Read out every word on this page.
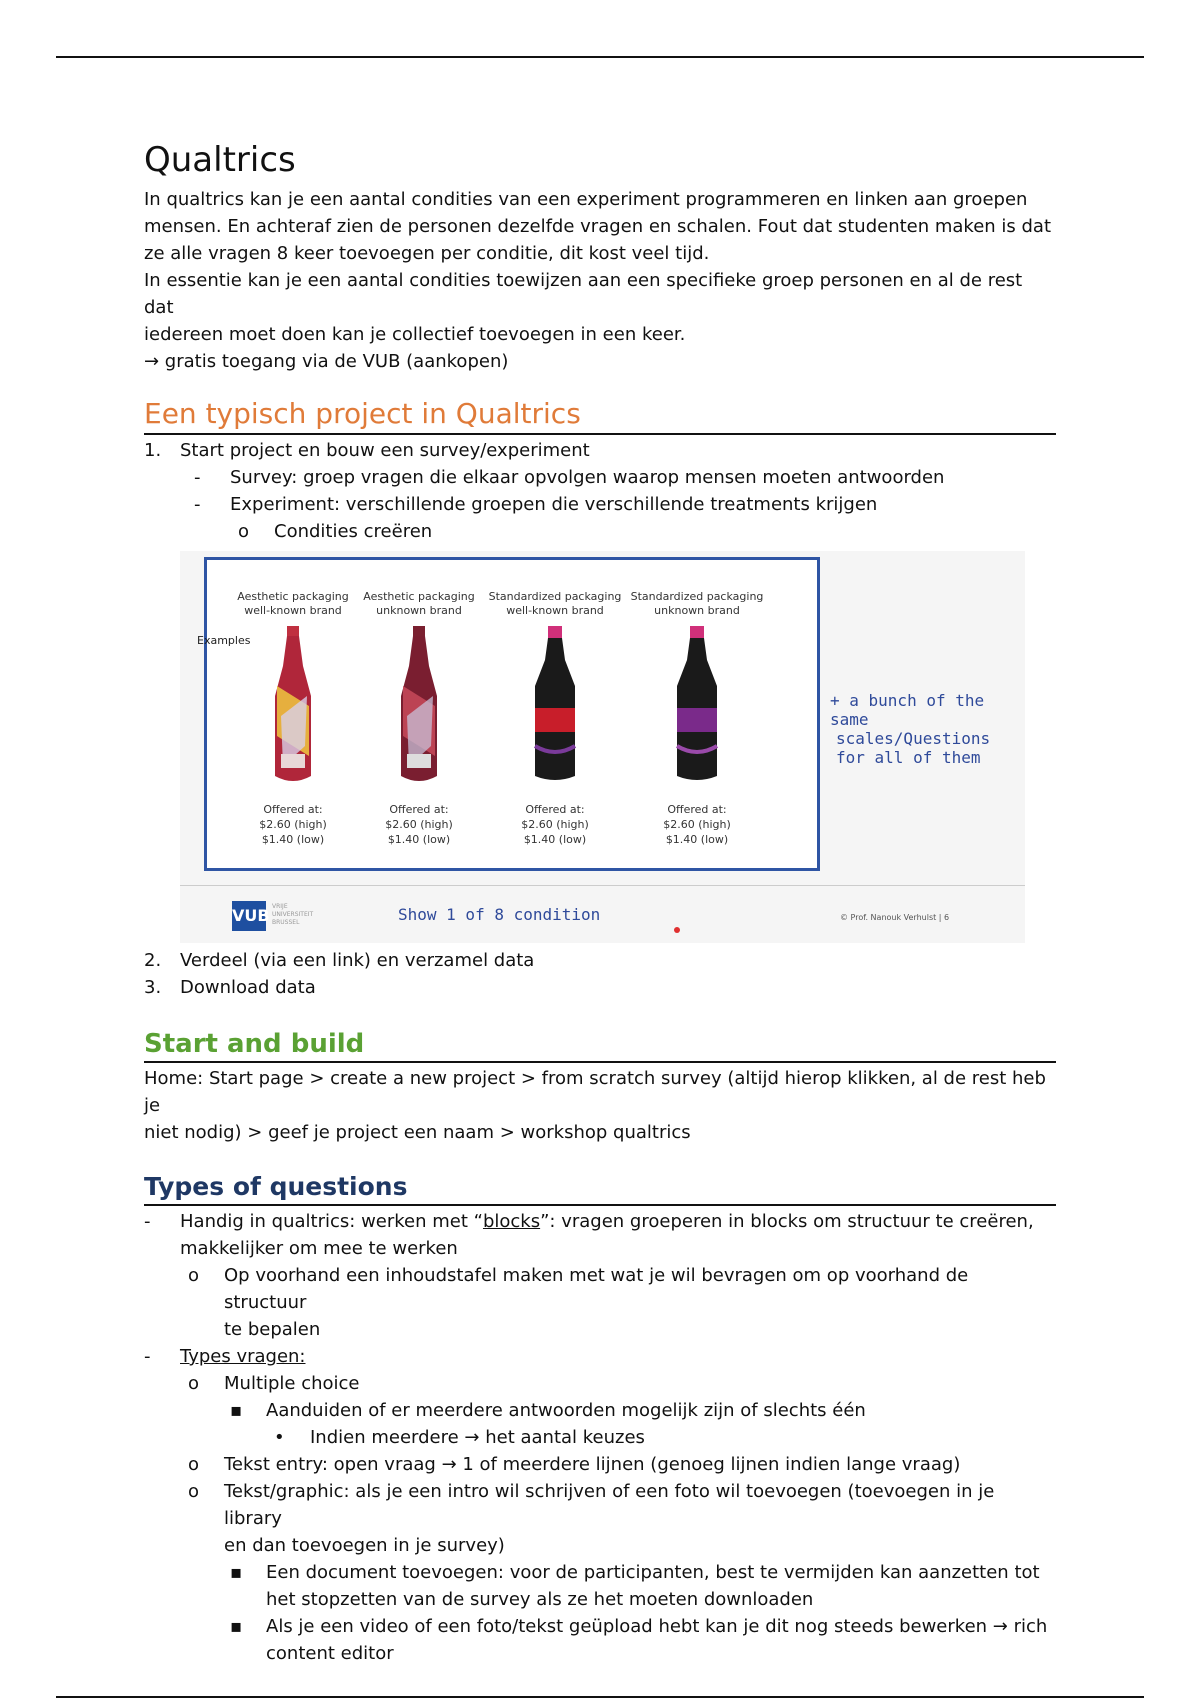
Qualtrics

In qualtrics kan je een aantal condities van een experiment programmeren en linken aan groepen

mensen. En achteraf zien de personen dezelfde vragen en schalen. Fout dat studenten maken is dat

ze alle vragen 8 keer toevoegen per conditie, dit kost veel tijd.

In essentie kan je een aantal condities toewijzen aan een specifieke groep personen en al de rest dat

iedereen moet doen kan je collectief toevoegen in een keer.

→ gratis toegang via de VUB (aankopen)

Een typisch project in Qualtrics
1. Start project en bouw een survey/experiment
- Survey: groep vragen die elkaar opvolgen waarop mensen moeten antwoorden
- Experiment: verschillende groepen die verschillende treatments krijgen
o Condities creëren
Examples
Aesthetic packaging
well-known brand
Offered at:
$2.60 (high)
$1.40 (low)
Aesthetic packaging
unknown brand
Offered at:
$2.60 (high)
$1.40 (low)
Standardized packaging
well-known brand
Offered at:
$2.60 (high)
$1.40 (low)
Standardized packaging
unknown brand
Offered at:
$2.60 (high)
$1.40 (low)
+ a bunch of the same
scales/Questions
for all of them
VUB VRIJE
UNIVERSITEIT
BRUSSEL	Show 1 of 8 condition	© Prof. Nanouk Verhulst | 6
2. Verdeel (via een link) en verzamel data
3. Download data
Start and build

Home: Start page > create a new project > from scratch survey (altijd hierop klikken, al de rest heb je

niet nodig) > geef je project een naam > workshop qualtrics

Types of questions
- Handig in qualtrics: werken met “blocks”: vragen groeperen in blocks om structuur te creëren,
makkelijker om mee te werken
o Op voorhand een inhoudstafel maken met wat je wil bevragen om op voorhand de structuur
te bepalen
- Types vragen:
o Multiple choice
▪ Aanduiden of er meerdere antwoorden mogelijk zijn of slechts één
• Indien meerdere → het aantal keuzes
o Tekst entry: open vraag → 1 of meerdere lijnen (genoeg lijnen indien lange vraag)
o Tekst/graphic: als je een intro wil schrijven of een foto wil toevoegen (toevoegen in je library
en dan toevoegen in je survey)
▪ Een document toevoegen: voor de participanten, best te vermijden kan aanzetten tot
het stopzetten van de survey als ze het moeten downloaden
▪ Als je een video of een foto/tekst geüpload hebt kan je dit nog steeds bewerken → rich
content editor
